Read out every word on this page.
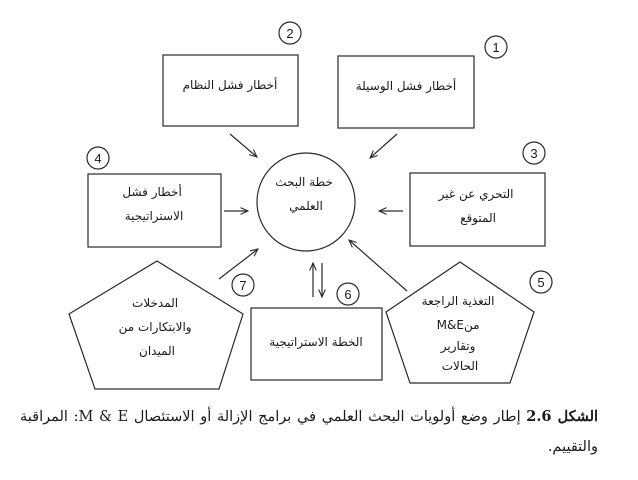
خطة البحث العلمي
أخطار فشل الوسيلة
1
أخطار فشل النظام
2
التحري عن غير المتوقع
3
أخطار فشل الاستراتيجية
4
التغذية الراجعة M&Eمن وتقارير الحالات
5
الخطة الاستراتيجية
6
المدخلات والابتكارات من الميدان
7
الشكل 2.6 إطار وضع أولويات البحث العلمي في برامج الإزالة أو الاستئصال M & E: المراقبة والتقييم.
